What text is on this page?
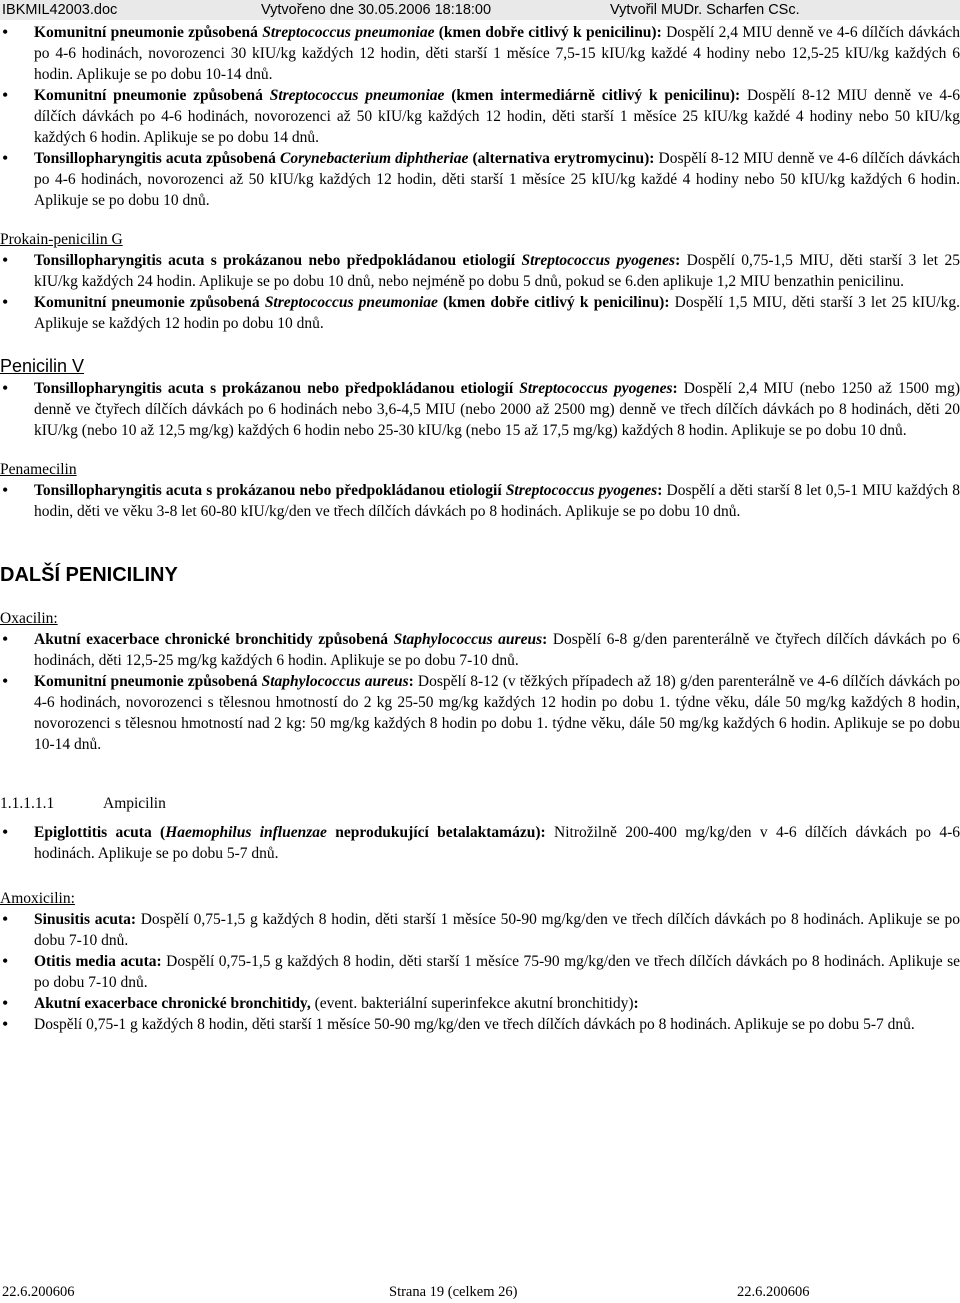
IBKMIL42003.doc	Vytvořeno dne 30.05.2006 18:18:00	Vytvořil MUDr. Scharfen CSc.
• Komunitní pneumonie způsobená Streptococcus pneumoniae (kmen dobře citlivý k penicilinu): Dospělí 2,4 MIU denně ve 4-6 dílčích dávkách po 4-6 hodinách, novorozenci 30 kIU/kg každých 12 hodin, děti starší 1 měsíce 7,5-15 kIU/kg každé 4 hodiny nebo 12,5-25 kIU/kg každých 6 hodin. Aplikuje se po dobu 10-14 dnů.
• Komunitní pneumonie způsobená Streptococcus pneumoniae (kmen intermediárně citlivý k penicilinu): Dospělí 8-12 MIU denně ve 4-6 dílčích dávkách po 4-6 hodinách, novorozenci až 50 kIU/kg každých 12 hodin, děti starší 1 měsíce 25 kIU/kg každé 4 hodiny nebo 50 kIU/kg každých 6 hodin. Aplikuje se po dobu 14 dnů.
• Tonsillopharyngitis acuta způsobená Corynebacterium diphtheriae (alternativa erytromycinu): Dospělí 8-12 MIU denně ve 4-6 dílčích dávkách po 4-6 hodinách, novorozenci až 50 kIU/kg každých 12 hodin, děti starší 1 měsíce 25 kIU/kg každé 4 hodiny nebo 50 kIU/kg každých 6 hodin. Aplikuje se po dobu 10 dnů.

Prokain-penicilin G

• Tonsillopharyngitis acuta s prokázanou nebo předpokládanou etiologií Streptococcus pyogenes: Dospělí 0,75-1,5 MIU, děti starší 3 let 25 kIU/kg každých 24 hodin. Aplikuje se po dobu 10 dnů, nebo nejméně po dobu 5 dnů, pokud se 6.den aplikuje 1,2 MIU benzathin penicilinu.
• Komunitní pneumonie způsobená Streptococcus pneumoniae (kmen dobře citlivý k penicilinu): Dospělí 1,5 MIU, děti starší 3 let 25 kIU/kg. Aplikuje se každých 12 hodin po dobu 10 dnů.

Penicilin V

• Tonsillopharyngitis acuta s prokázanou nebo předpokládanou etiologií Streptococcus pyogenes: Dospělí 2,4 MIU (nebo 1250 až 1500 mg) denně ve čtyřech dílčích dávkách po 6 hodinách nebo 3,6-4,5 MIU (nebo 2000 až 2500 mg) denně ve třech dílčích dávkách po 8 hodinách, děti 20 kIU/kg (nebo 10 až 12,5 mg/kg) každých 6 hodin nebo 25-30 kIU/kg (nebo 15 až 17,5 mg/kg) každých 8 hodin. Aplikuje se po dobu 10 dnů.

Penamecilin

• Tonsillopharyngitis acuta s prokázanou nebo předpokládanou etiologií Streptococcus pyogenes: Dospělí a děti starší 8 let 0,5-1 MIU každých 8 hodin, děti ve věku 3-8 let 60-80 kIU/kg/den ve třech dílčích dávkách po 8 hodinách. Aplikuje se po dobu 10 dnů.

DALŠÍ PENICILINY

Oxacilin:

• Akutní exacerbace chronické bronchitidy způsobená Staphylococcus aureus: Dospělí 6-8 g/den parenterálně ve čtyřech dílčích dávkách po 6 hodinách, děti 12,5-25 mg/kg každých 6 hodin. Aplikuje se po dobu 7-10 dnů.
• Komunitní pneumonie způsobená Staphylococcus aureus: Dospělí 8-12 (v těžkých případech až 18) g/den parenterálně ve 4-6 dílčích dávkách po 4-6 hodinách, novorozenci s tělesnou hmotností do 2 kg 25-50 mg/kg každých 12 hodin po dobu 1. týdne věku, dále 50 mg/kg každých 8 hodin, novorozenci s tělesnou hmotností nad 2 kg: 50 mg/kg každých 8 hodin po dobu 1. týdne věku, dále 50 mg/kg každých 6 hodin. Aplikuje se po dobu 10-14 dnů.

1.1.1.1.1	Ampicilin

• Epiglottitis acuta (Haemophilus influenzae neprodukující betalaktamázu): Nitrožilně 200-400 mg/kg/den v 4-6 dílčích dávkách po 4-6 hodinách. Aplikuje se po dobu 5-7 dnů.

Amoxicilin:

• Sinusitis acuta: Dospělí 0,75-1,5 g každých 8 hodin, děti starší 1 měsíce 50-90 mg/kg/den ve třech dílčích dávkách po 8 hodinách. Aplikuje se po dobu 7-10 dnů.
• Otitis media acuta: Dospělí 0,75-1,5 g každých 8 hodin, děti starší 1 měsíce 75-90 mg/kg/den ve třech dílčích dávkách po 8 hodinách. Aplikuje se po dobu 7-10 dnů.
• Akutní exacerbace chronické bronchitidy, (event. bakteriální superinfekce akutní bronchitidy):
• Dospělí 0,75-1 g každých 8 hodin, děti starší 1 měsíce 50-90 mg/kg/den ve třech dílčích dávkách po 8 hodinách. Aplikuje se po dobu 5-7 dnů.
22.6.200606	Strana 19 (celkem 26)	22.6.200606
